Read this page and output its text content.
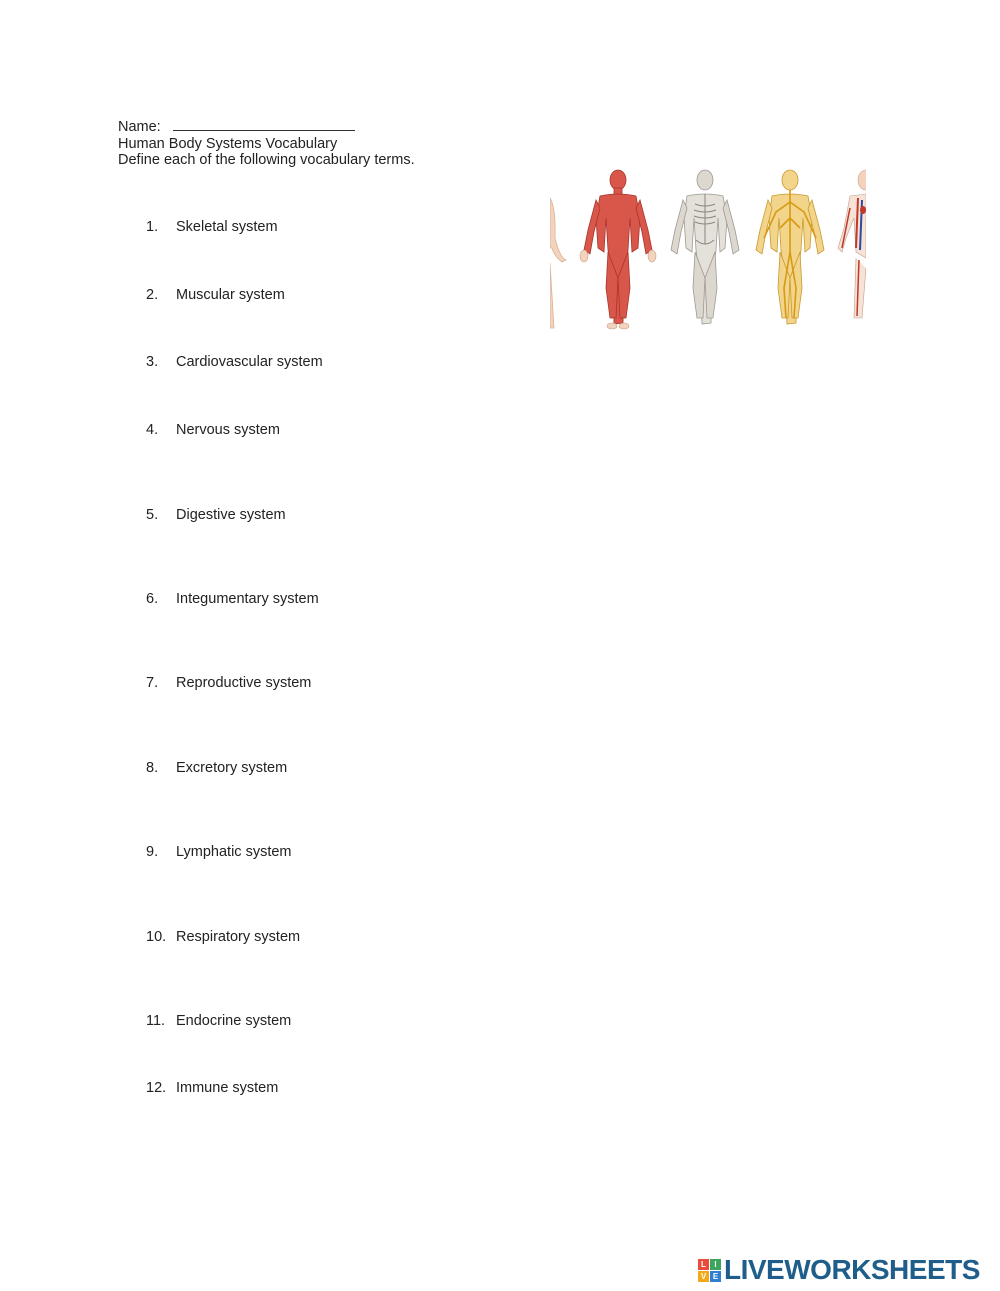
Name:
Human Body Systems Vocabulary
Define each of the following vocabulary terms.
1. Skeletal system
2. Muscular system
3. Cardiovascular system
4. Nervous system
5. Digestive system
6. Integumentary system
7. Reproductive system
8. Excretory system
9. Lymphatic system
10. Respiratory system
11. Endocrine system
12. Immune system
L	I
V E LIVEWORKSHEETS
